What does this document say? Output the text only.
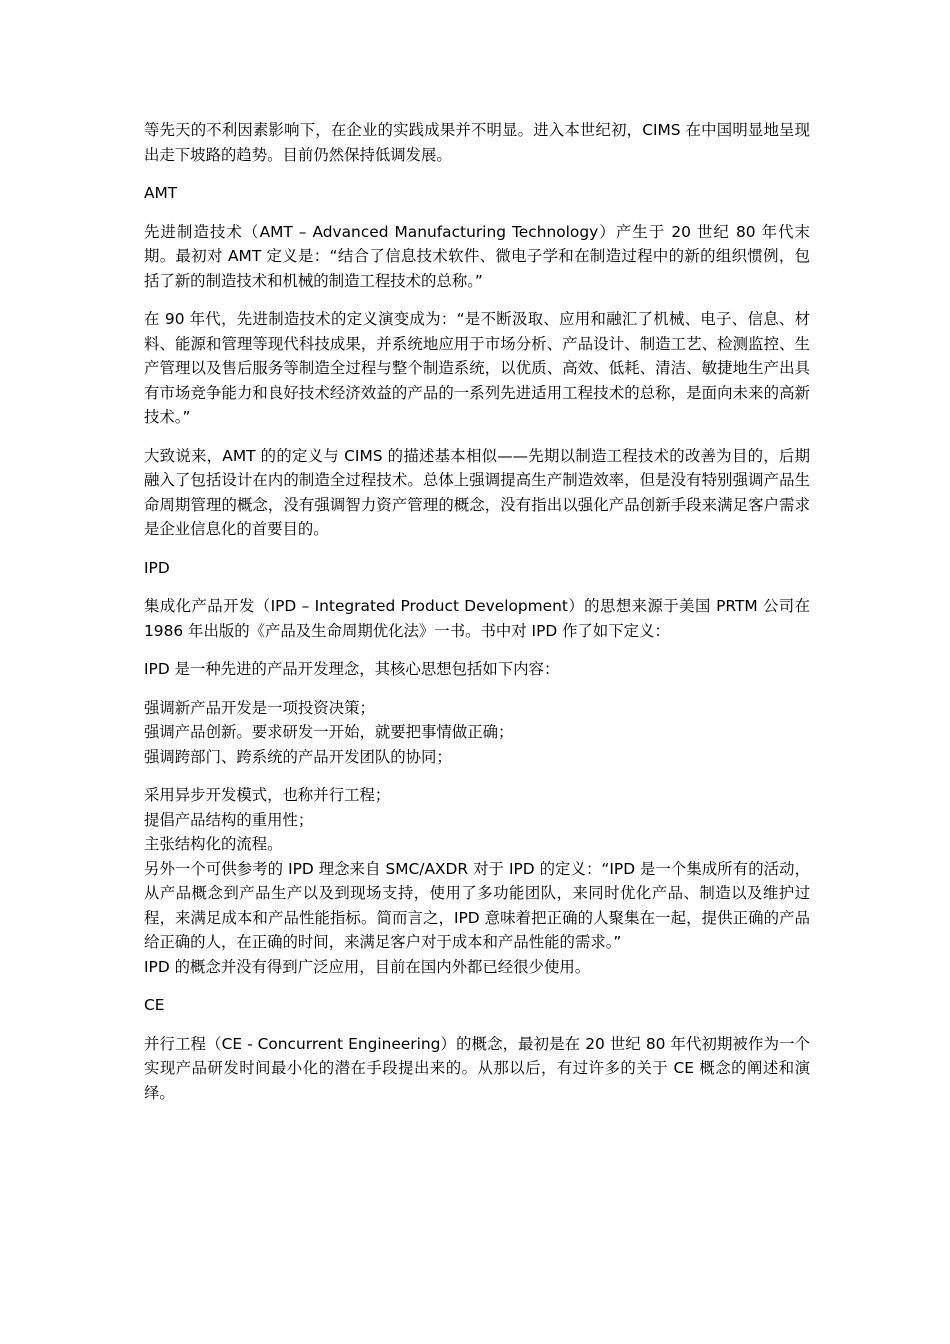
等先天的不利因素影响下，在企业的实践成果并不明显。进入本世纪初，CIMS 在中国明显地呈现出走下坡路的趋势。目前仍然保持低调发展。

AMT

先进制造技术（AMT – Advanced Manufacturing Technology）产生于 20 世纪 80 年代末期。最初对 AMT 定义是：“结合了信息技术软件、微电子学和在制造过程中的新的组织惯例，包括了新的制造技术和机械的制造工程技术的总称。”

在 90 年代，先进制造技术的定义演变成为：“是不断汲取、应用和融汇了机械、电子、信息、材料、能源和管理等现代科技成果，并系统地应用于市场分析、产品设计、制造工艺、检测监控、生产管理以及售后服务等制造全过程与整个制造系统，以优质、高效、低耗、清洁、敏捷地生产出具有市场竞争能力和良好技术经济效益的产品的一系列先进适用工程技术的总称，是面向未来的高新技术。”

大致说来，AMT 的的定义与 CIMS 的描述基本相似——先期以制造工程技术的改善为目的，后期融入了包括设计在内的制造全过程技术。总体上强调提高生产制造效率，但是没有特别强调产品生命周期管理的概念，没有强调智力资产管理的概念，没有指出以强化产品创新手段来满足客户需求是企业信息化的首要目的。

IPD

集成化产品开发（IPD – Integrated Product Development）的思想来源于美国 PRTM 公司在 1986 年出版的《产品及生命周期优化法》一书。书中对 IPD 作了如下定义：

IPD 是一种先进的产品开发理念，其核心思想包括如下内容：

强调新产品开发是一项投资决策；

强调产品创新。要求研发一开始，就要把事情做正确；

强调跨部门、跨系统的产品开发团队的协同；

采用异步开发模式，也称并行工程；

提倡产品结构的重用性；

主张结构化的流程。

另外一个可供参考的 IPD 理念来自 SMC/AXDR 对于 IPD 的定义：“IPD 是一个集成所有的活动，从产品概念到产品生产以及到现场支持，使用了多功能团队，来同时优化产品、制造以及维护过程，来满足成本和产品性能指标。简而言之，IPD 意味着把正确的人聚集在一起，提供正确的产品给正确的人，在正确的时间，来满足客户对于成本和产品性能的需求。”

IPD 的概念并没有得到广泛应用，目前在国内外都已经很少使用。

CE

并行工程（CE - Concurrent Engineering）的概念，最初是在 20 世纪 80 年代初期被作为一个实现产品研发时间最小化的潜在手段提出来的。从那以后，有过许多的关于 CE 概念的阐述和演绎。
